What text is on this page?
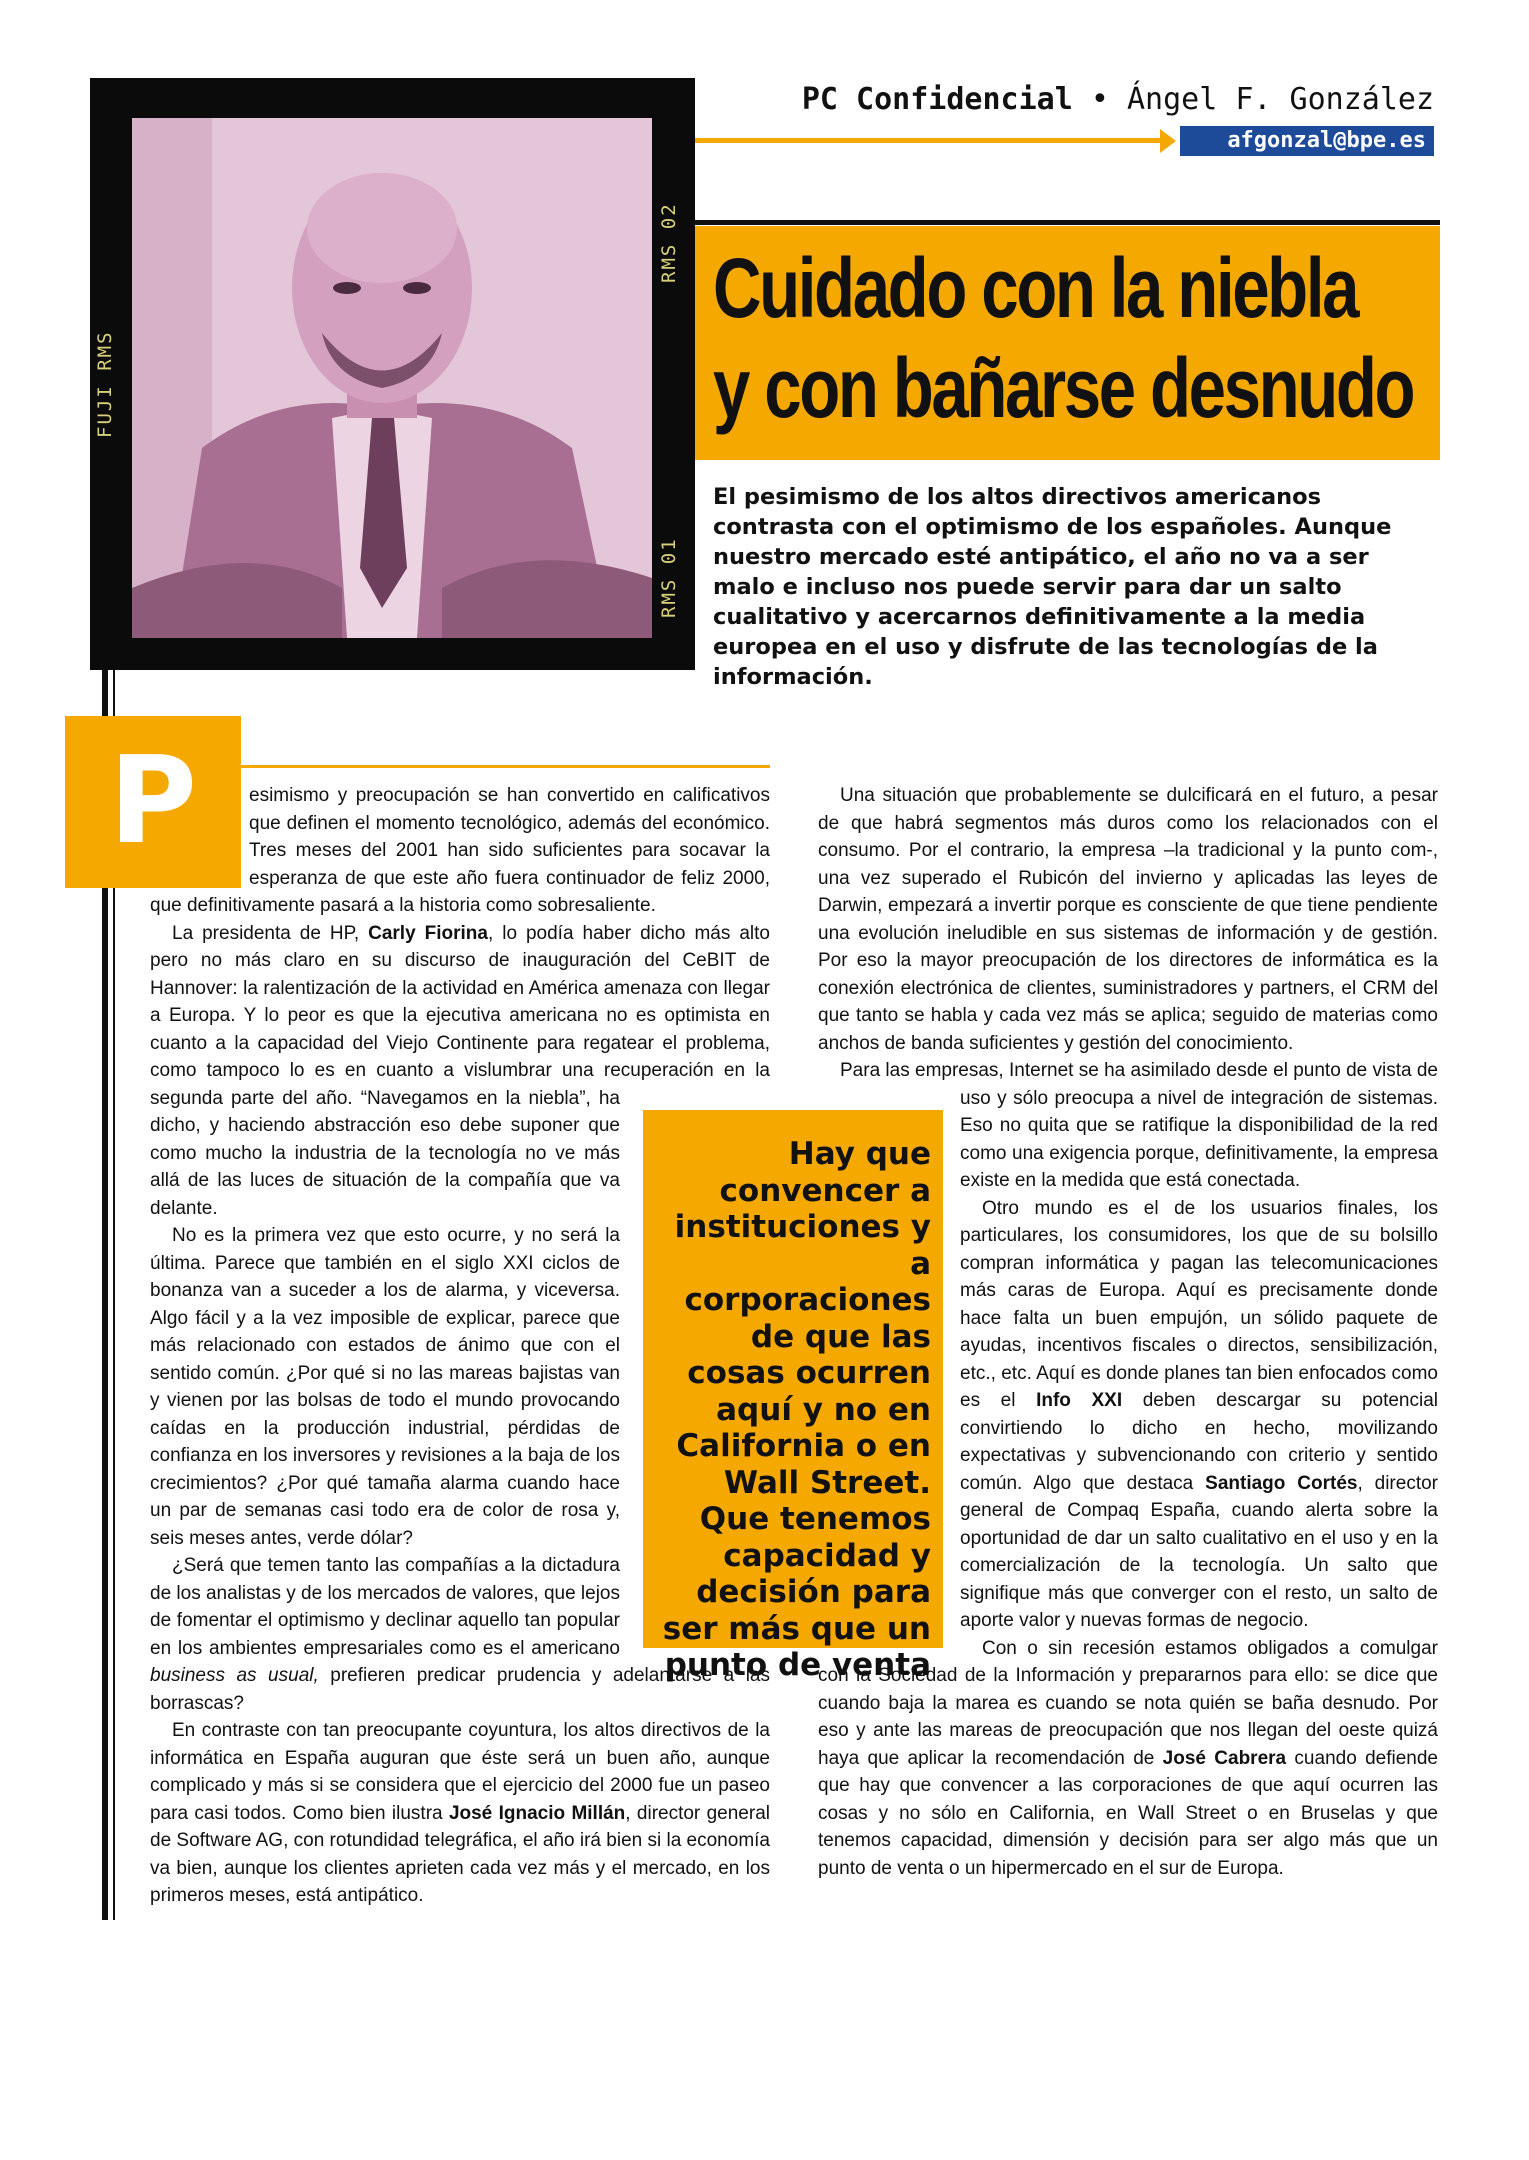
FUJI RMS
RMS 02
RMS 01
PC Confidencial • Ángel F. González
afgonzal@bpe.es
Cuidado con la niebla
y con bañarse desnudo
El pesimismo de los altos directivos americanos contrasta con el optimismo de los españoles. Aunque nuestro mercado esté antipático, el año no va a ser malo e incluso nos puede servir para dar un salto cualitativo y acercarnos definitivamente a la media europea en el uso y disfrute de las tecnologías de la información.
P	esimismo y preocupación se han convertido en calificativos que definen el momento tecnológico, además del económico. Tres meses del 2001 han sido suficientes para socavar la esperanza de que este año fuera continuador de feliz 2000, que definitivamente pasará a la historia como sobresaliente.

La presidenta de HP, Carly Fiorina, lo podía haber dicho más alto pero no más claro en su discurso de inauguración del CeBIT de Hannover: la ralentización de la actividad en América amenaza con llegar a Europa. Y lo peor es que la ejecutiva americana no es optimista en cuanto a la capacidad del Viejo Continente para regatear el problema, como tampoco lo es en cuanto a vislumbrar una recuperación en la segunda parte del año. “Navegamos en la niebla”, ha dicho, y haciendo abstracción eso debe suponer que como mucho la industria de la tecnología no ve más allá de las luces de situación de la compañía que va delante.

No es la primera vez que esto ocurre, y no será la última. Parece que también en el siglo XXI ciclos de bonanza van a suceder a los de alarma, y viceversa. Algo fácil y a la vez imposible de explicar, parece que más relacionado con estados de ánimo que con el sentido común. ¿Por qué si no las mareas bajistas van y vienen por las bolsas de todo el mundo provocando caídas en la producción industrial, pérdidas de confianza en los inversores y revisiones a la baja de los crecimientos? ¿Por qué tamaña alarma cuando hace un par de semanas casi todo era de color de rosa y, seis meses antes, verde dólar?

¿Será que temen tanto las compañías a la dictadura de los analistas y de los mercados de valores, que lejos de fomentar el optimismo y declinar aquello tan popular en los ambientes empresariales como es el americano business as usual, prefieren predicar prudencia y adelantarse a las borrascas?

En contraste con tan preocupante coyuntura, los altos directivos de la informática en España auguran que éste será un buen año, aunque complicado y más si se considera que el ejercicio del 2000 fue un paseo para casi todos. Como bien ilustra José Ignacio Millán, director general de Software AG, con rotundidad telegráfica, el año irá bien si la economía va bien, aunque los clientes aprieten cada vez más y el mercado, en los primeros meses, está antipático.

Una situación que probablemente se dulcificará en el futuro, a pesar de que habrá segmentos más duros como los relacionados con el consumo. Por el contrario, la empresa –la tradicional y la punto com-, una vez superado el Rubicón del invierno y aplicadas las leyes de Darwin, empezará a invertir porque es consciente de que tiene pendiente una evolución ineludible en sus sistemas de información y de gestión. Por eso la mayor preocupación de los directores de informática es la conexión electrónica de clientes, suministradores y partners, el CRM del que tanto se habla y cada vez más se aplica; seguido de materias como anchos de banda suficientes y gestión del conocimiento.

Para las empresas, Internet se ha asimilado desde el punto de vista de uso y sólo preocupa a nivel de integración de sistemas. Eso no quita que se ratifique la disponibilidad de la red como una exigencia porque, definitivamente, la empresa existe en la medida que está conectada.

Otro mundo es el de los usuarios finales, los particulares, los consumidores, los que de su bolsillo compran informática y pagan las telecomunicaciones más caras de Europa. Aquí es precisamente donde hace falta un buen empujón, un sólido paquete de ayudas, incentivos fiscales o directos, sensibilización, etc., etc. Aquí es donde planes tan bien enfocados como es el Info XXI deben descargar su potencial convirtiendo lo dicho en hecho, movilizando expectativas y subvencionando con criterio y sentido común. Algo que destaca Santiago Cortés, director general de Compaq España, cuando alerta sobre la oportunidad de dar un salto cualitativo en el uso y en la comercialización de la tecnología. Un salto que signifique más que converger con el resto, un salto de aporte valor y nuevas formas de negocio.

Con o sin recesión estamos obligados a comulgar con la Sociedad de la Información y prepararnos para ello: se dice que cuando baja la marea es cuando se nota quién se baña desnudo. Por eso y ante las mareas de preocupación que nos llegan del oeste quizá haya que aplicar la recomendación de José Cabrera cuando defiende que hay que convencer a las corporaciones de que aquí ocurren las cosas y no sólo en California, en Wall Street o en Bruselas y que tenemos capacidad, dimensión y decisión para ser algo más que un punto de venta o un hipermercado en el sur de Europa.

Hay que convencer a instituciones y a corporaciones de que las cosas ocurren aquí y no en California o en Wall Street. Que tenemos capacidad y decisión para ser más que un punto de venta
